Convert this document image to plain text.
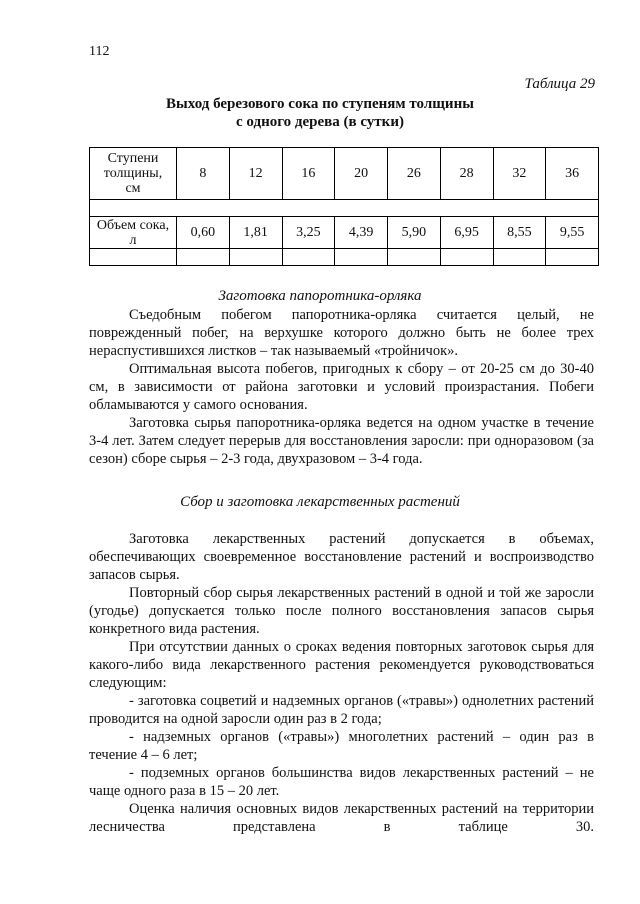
112
Таблица 29
Выход березового сока по ступеням толщины
с одного дерева (в сутки)
Ступени
толщины,
см	8	12	16	20	26	28	32	36

Объем сока,
л	0,60	1,81	3,25	4,39	5,90	6,95	8,55	9,55

Заготовка папоротника-орляка

Съедобным побегом папоротника-орляка считается целый, не поврежденный побег, на верхушке которого должно быть не более трех нераспустившихся листков – так называемый «тройничок».

Оптимальная высота побегов, пригодных к сбору – от 20-25 см до 30-40 см, в зависимости от района заготовки и условий произрастания. Побеги обламываются у самого основания.

Заготовка сырья папоротника-орляка ведется на одном участке в течение 3-4 лет. Затем следует перерыв для восстановления заросли: при одноразовом (за сезон) сборе сырья – 2-3 года, двухразовом – 3-4 года.

Сбор и заготовка лекарственных растений

Заготовка лекарственных растений допускается в объемах, обеспечивающих своевременное восстановление растений и воспроизводство запасов сырья.

Повторный сбор сырья лекарственных растений в одной и той же заросли (угодье) допускается только после полного восстановления запасов сырья конкретного вида растения.

При отсутствии данных о сроках ведения повторных заготовок сырья для какого-либо вида лекарственного растения рекомендуется руководствоваться следующим:

- заготовка соцветий и надземных органов («травы») однолетних растений проводится на одной заросли один раз в 2 года;

- надземных органов («травы») многолетних растений – один раз в течение 4 – 6 лет;

- подземных органов большинства видов лекарственных растений – не чаще одного раза в 15 – 20 лет.

Оценка наличия основных видов лекарственных растений на территории лесничества представлена в таблице 30.
